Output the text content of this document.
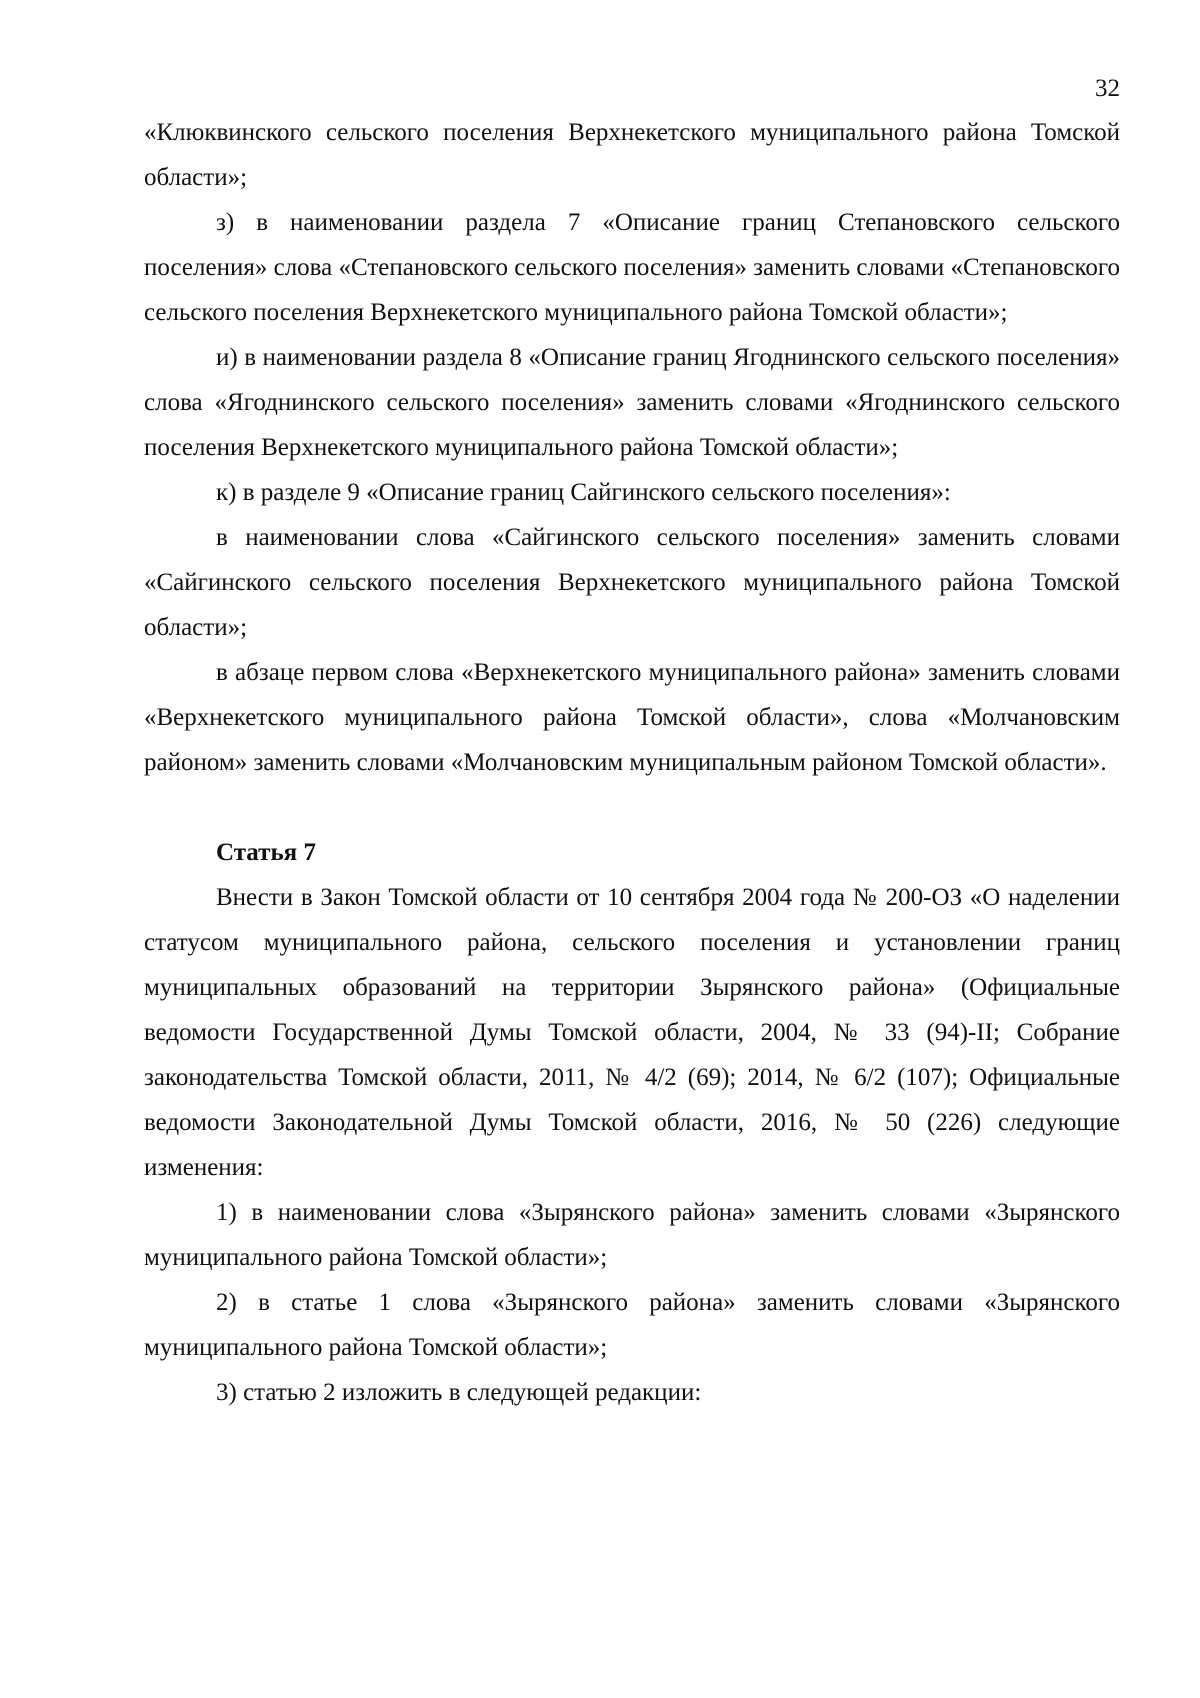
32

«Клюквинского сельского поселения Верхнекетского муниципального района Томской области»;

з) в наименовании раздела 7 «Описание границ Степановского сельского поселения» слова «Степановского сельского поселения» заменить словами «Степановского сельского поселения Верхнекетского муниципального района Томской области»;

и) в наименовании раздела 8 «Описание границ Ягоднинского сельского поселения» слова «Ягоднинского сельского поселения» заменить словами «Ягоднинского сельского поселения Верхнекетского муниципального района Томской области»;

к) в разделе 9 «Описание границ Сайгинского сельского поселения»:

в наименовании слова «Сайгинского сельского поселения» заменить словами «Сайгинского сельского поселения Верхнекетского муниципального района Томской области»;

в абзаце первом слова «Верхнекетского муниципального района» заменить словами «Верхнекетского муниципального района Томской области», слова «Молчановским районом» заменить словами «Молчановским муниципальным районом Томской области».

Статья 7

Внести в Закон Томской области от 10 сентября 2004 года № 200-ОЗ «О наделении статусом муниципального района, сельского поселения и установлении границ муниципальных образований на территории Зырянского района» (Официальные ведомости Государственной Думы Томской области, 2004, № 33 (94)-II; Собрание законодательства Томской области, 2011, № 4/2 (69); 2014, № 6/2 (107); Официальные ведомости Законодательной Думы Томской области, 2016, № 50 (226) следующие изменения:

1) в наименовании слова «Зырянского района» заменить словами «Зырянского муниципального района Томской области»;

2) в статье 1 слова «Зырянского района» заменить словами «Зырянского муниципального района Томской области»;

3) статью 2 изложить в следующей редакции:
